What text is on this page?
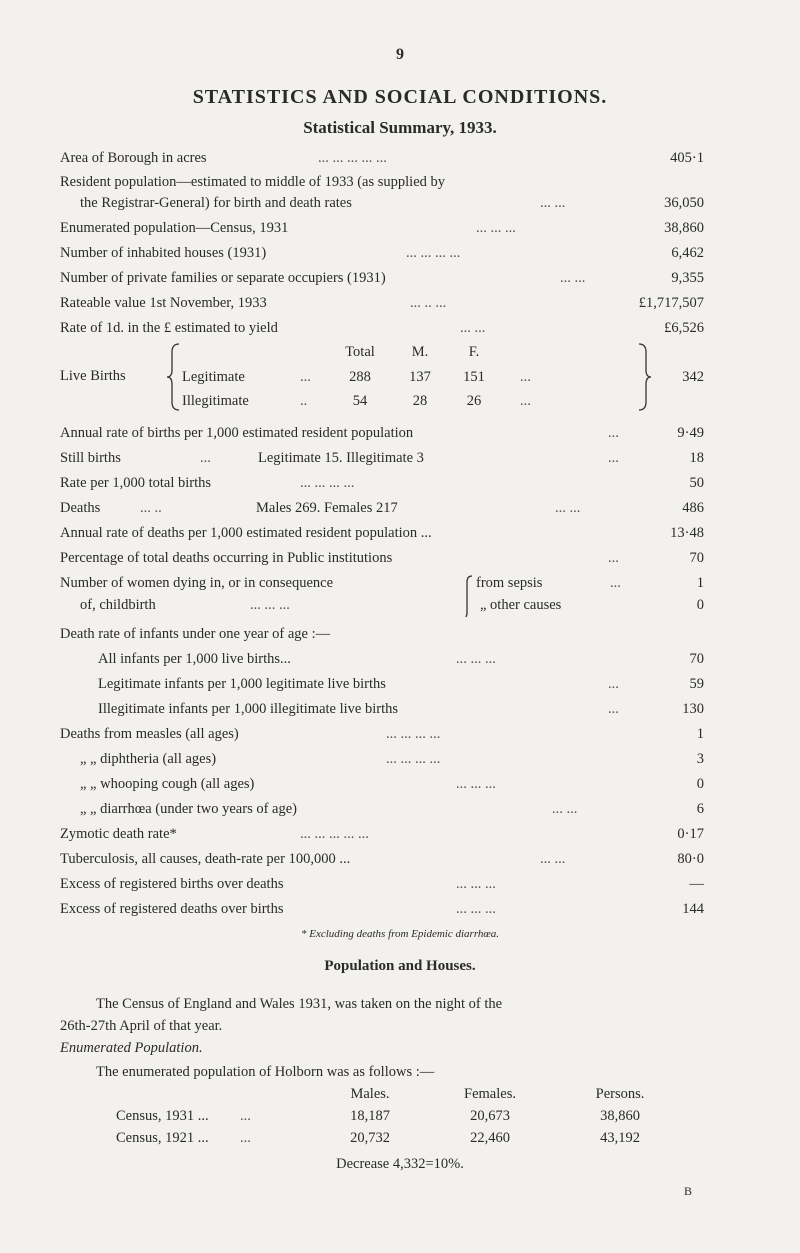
9
STATISTICS AND SOCIAL CONDITIONS.
Statistical Summary, 1933.
Area of Borough in acres	... ... ... ... ...	405·1
Resident population—estimated to middle of 1933 (as supplied by
the Registrar-General) for birth and death rates	... ...	36,050
Enumerated population—Census, 1931	... ... ...	38,860
Number of inhabited houses (1931)	... ... ... ...	6,462
Number of private families or separate occupiers (1931)	... ...	9,355
Rateable value 1st November, 1933	... .. ...	£1,717,507
Rate of 1d. in the £ estimated to yield	... ...	£6,526
Live Births
Total	M.	F.
Legitimate	...	288	137	151	...
Illegitimate	..	54	28	26	...
342
Annual rate of births per 1,000 estimated resident population	...	9·49
Still births	...	Legitimate 15. Illegitimate 3	...	18
Rate per 1,000 total births	... ... ... ...	50
Deaths	... ..	Males 269. Females 217	... ...	486
Annual rate of deaths per 1,000 estimated resident population ...	13·48
Percentage of total deaths occurring in Public institutions	...	70
Number of women dying in, or in consequence	from sepsis	...	1
of, childbirth	... ... ...	„ other causes	0
Death rate of infants under one year of age :—
All infants per 1,000 live births...	... ... ...	70
Legitimate infants per 1,000 legitimate live births	...	59
Illegitimate infants per 1,000 illegitimate live births	...	130
Deaths from measles (all ages)	... ... ... ...	1
„ „ diphtheria (all ages)	... ... ... ...	3
„ „ whooping cough (all ages)	... ... ...	0
„ „ diarrhœa (under two years of age)	... ...	6
Zymotic death rate*	... ... ... ... ...	0·17
Tuberculosis, all causes, death-rate per 100,000 ...	... ...	80·0
Excess of registered births over deaths	... ... ...	—
Excess of registered deaths over births	... ... ...	144
* Excluding deaths from Epidemic diarrhœa.
Population and Houses.
The Census of England and Wales 1931, was taken on the night of the
26th-27th April of that year.
Enumerated Population.
The enumerated population of Holborn was as follows :—
Males.	Females.	Persons.
Census, 1931 ... ...	18,187	20,673	38,860
Census, 1921 ... ...	20,732	22,460	43,192
Decrease 4,332=10%.
B
